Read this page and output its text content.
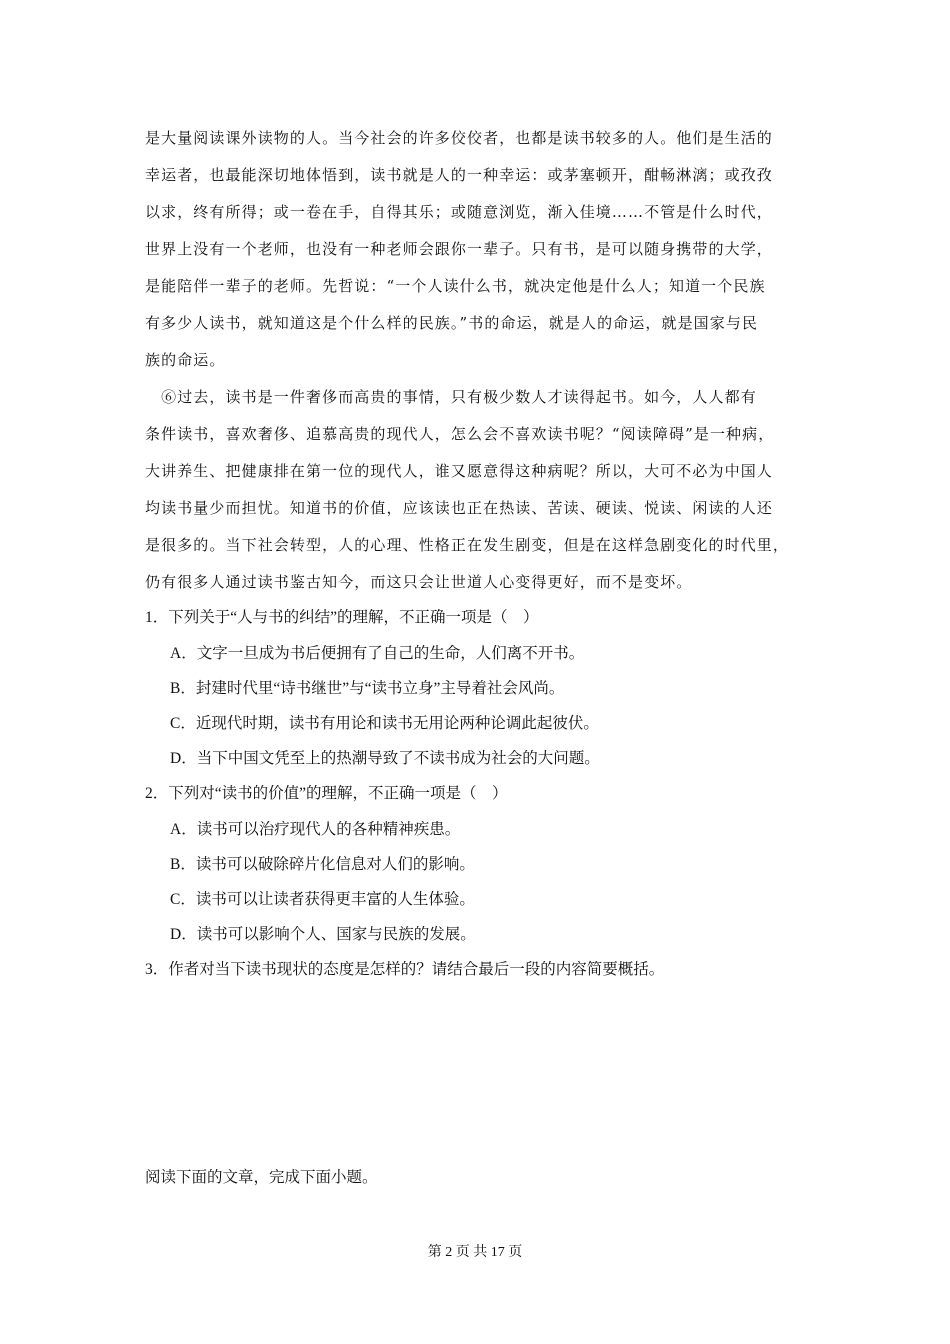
是大量阅读课外读物的人。当今社会的许多佼佼者，也都是读书较多的人。他们是生活的
幸运者，也最能深切地体悟到，读书就是人的一种幸运：或茅塞顿开，酣畅淋漓；或孜孜
以求，终有所得；或一卷在手，自得其乐；或随意浏览，渐入佳境……不管是什么时代，
世界上没有一个老师，也没有一种老师会跟你一辈子。只有书，是可以随身携带的大学，
是能陪伴一辈子的老师。先哲说：“一个人读什么书，就决定他是什么人；知道一个民族
有多少人读书，就知道这是个什么样的民族。”书的命运，就是人的命运，就是国家与民
族的命运。
　⑥过去，读书是一件奢侈而高贵的事情，只有极少数人才读得起书。如今，人人都有
条件读书，喜欢奢侈、追慕高贵的现代人，怎么会不喜欢读书呢？“阅读障碍”是一种病，
大讲养生、把健康排在第一位的现代人，谁又愿意得这种病呢？所以，大可不必为中国人
均读书量少而担忧。知道书的价值，应该读也正在热读、苦读、硬读、悦读、闲读的人还
是很多的。当下社会转型，人的心理、性格正在发生剧变，但是在这样急剧变化的时代里，
仍有很多人通过读书鉴古知今，而这只会让世道人心变得更好，而不是变坏。
1．下列关于“人与书的纠结”的理解，不正确一项是（　）
A．文字一旦成为书后便拥有了自己的生命，人们离不开书。
B．封建时代里“诗书继世”与“读书立身”主导着社会风尚。
C．近现代时期，读书有用论和读书无用论两种论调此起彼伏。
D．当下中国文凭至上的热潮导致了不读书成为社会的大问题。
2．下列对“读书的价值”的理解，不正确一项是（　）
A．读书可以治疗现代人的各种精神疾患。
B．读书可以破除碎片化信息对人们的影响。
C．读书可以让读者获得更丰富的人生体验。
D．读书可以影响个人、国家与民族的发展。
3．作者对当下读书现状的态度是怎样的？请结合最后一段的内容简要概括。
阅读下面的文章，完成下面小题。
第 2 页 共 17 页
